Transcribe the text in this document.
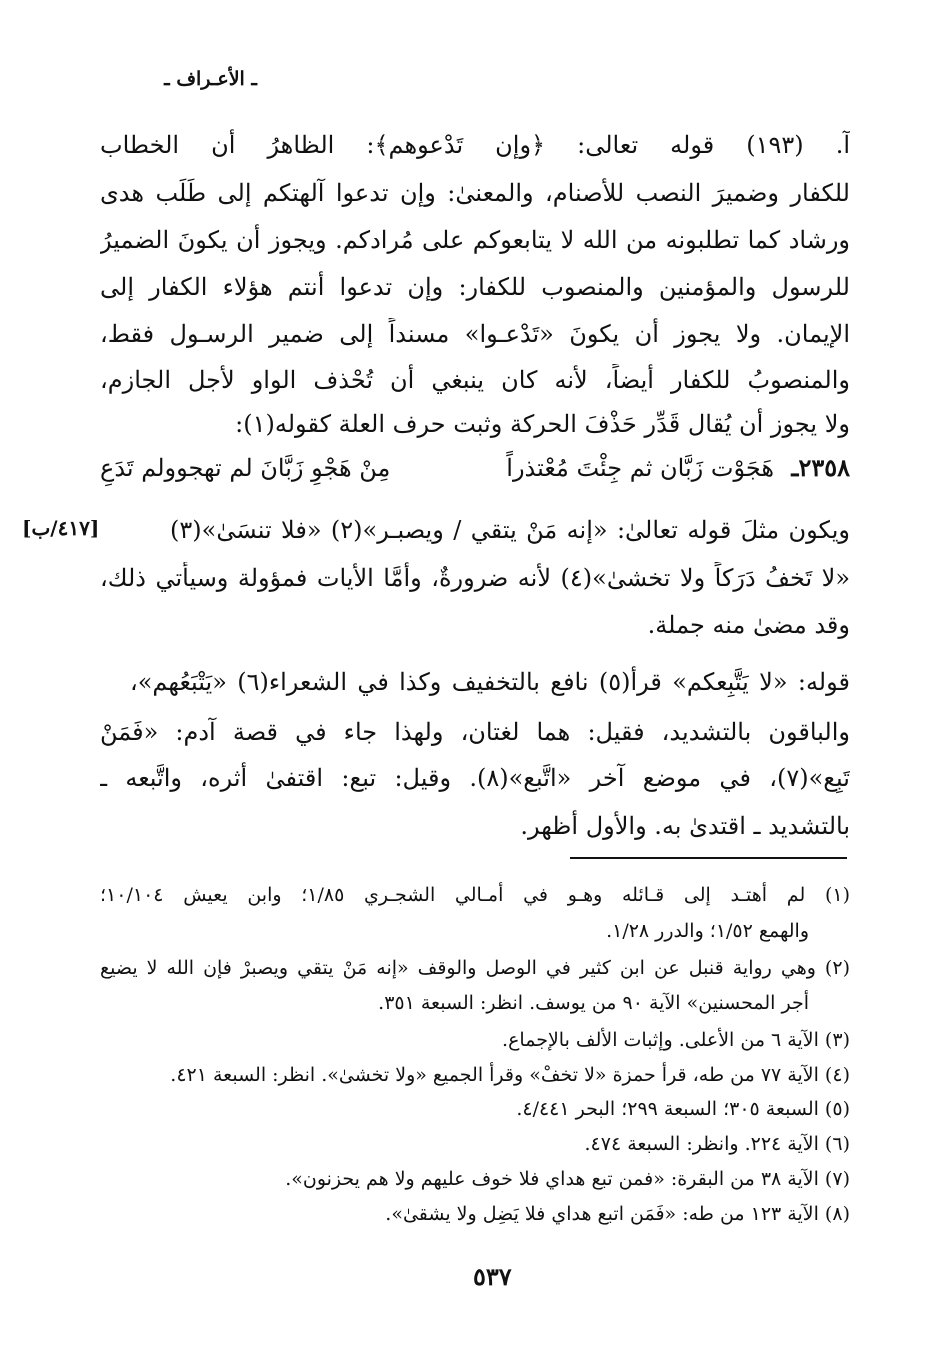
ـ الأعـراف ـ
آ. (١٩٣) قوله تعالى: ﴿وإن تَدْعوهم﴾: الظاهرُ أن الخطاب
للكفار وضميرَ النصب للأصنام، والمعنىٰ: وإن تدعوا آلهتكم إلى طَلَب هدى
ورشاد كما تطلبونه من الله لا يتابعوكم على مُرادكم. ويجوز أن يكونَ الضميرُ
للرسول والمؤمنين والمنصوب للكفار: وإن تدعوا أنتم هؤلاء الكفار إلى
الإيمان. ولا يجوز أن يكونَ «تَدْعـوا» مسنداً إلى ضمير الرسـول فقط،
والمنصوبُ للكفار أيضاً، لأنه كان ينبغي أن تُحْذف الواو لأجل الجازم،
ولا يجوز أن يُقال قَدِّر حَذْفَ الحركة وثبت حرف العلة كقوله(١):
٢٣٥٨ـ
هَجَوْت زَبَّان ثم جِئْتَ مُعْتذراً
مِنْ هَجْوِ زَبَّانَ لم تهجوولم تَدَعِ
[٤١٧/ب]	ويكون مثلَ قوله تعالىٰ: «إنه مَنْ يتقي / ويصبـر»(٢) «فلا تنسَىٰ»(٣)
«لا تَخفُ دَرَكاً ولا تخشىٰ»(٤) لأنه ضرورةٌ، وأمَّا الأيات فمؤولة وسيأتي ذلك،
وقد مضىٰ منه جملة.
قوله: «لا يَتَّبِعكم» قرأ(٥) نافع بالتخفيف وكذا في الشعراء(٦) «يَتْبَعُهم»،
والباقون بالتشديد، فقيل: هما لغتان، ولهذا جاء في قصة آدم: «فَمَنْ
تَبِع»(٧)، في موضع آخر «اتَّبع»(٨). وقيل: تبع: اقتفىٰ أثره، واتَّبعه ـ
بالتشديد ـ اقتدىٰ به. والأول أظهر.
(١) لم أهتـد إلى قـائله وهـو في أمـالي الشجـري ١/٨٥؛ وابن يعيش ١٠/١٠٤؛
والهمع ١/٥٢؛ والدرر ١/٢٨.
(٢) وهي رواية قنبل عن ابن كثير في الوصل والوقف «إنه مَنْ يتقي ويصبرْ فإن الله لا يضيع
أجر المحسنين» الآية ٩٠ من يوسف. انظر: السبعة ٣٥١.
(٣) الآية ٦ من الأعلى. وإثبات الألف بالإجماع.
(٤) الآية ٧٧ من طه، قرأ حمزة «لا تخفْ» وقرأ الجميع «ولا تخشىٰ». انظر: السبعة ٤٢١.
(٥) السبعة ٣٠٥؛ السبعة ٢٩٩؛ البحر ٤/٤٤١.
(٦) الآية ٢٢٤. وانظر: السبعة ٤٧٤.
(٧) الآية ٣٨ من البقرة: «فمن تبع هداي فلا خوف عليهم ولا هم يحزنون».
(٨) الآية ١٢٣ من طه: «فَمَن اتبع هداي فلا يَضِل ولا يشقىٰ».
٥٣٧
